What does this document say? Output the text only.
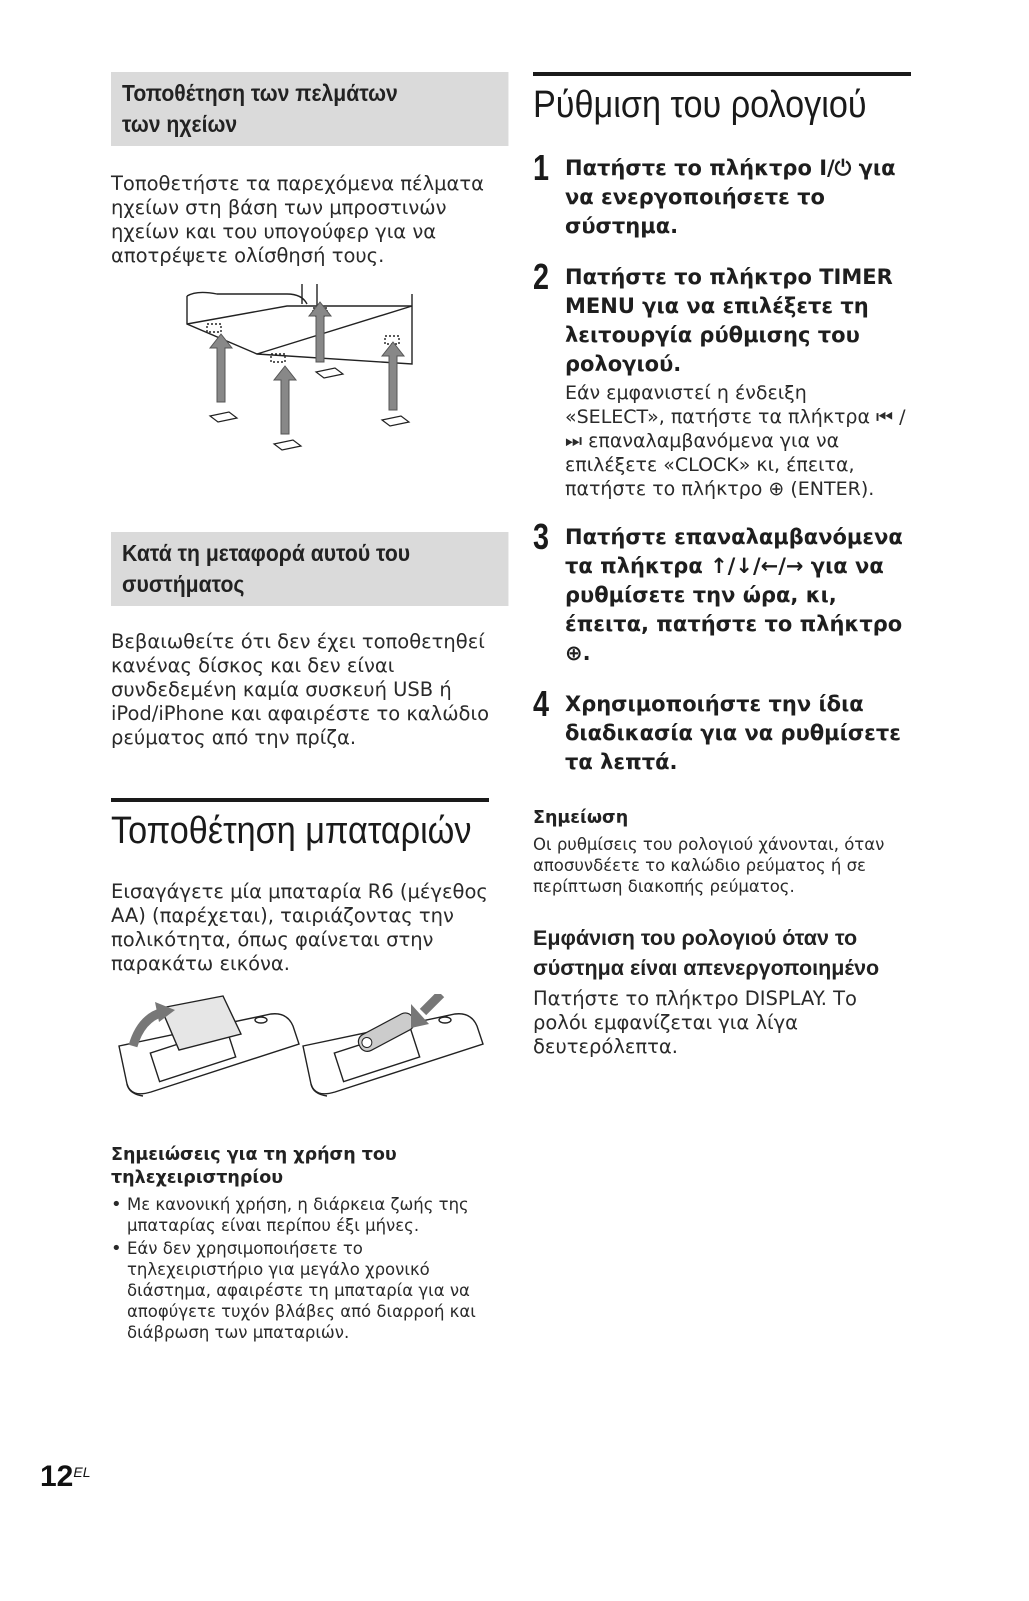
Τοποθέτηση των πελμάτων
των ηχείων

Τοποθετήστε τα παρεχόμενα πέλματα ηχείων στη βάση των μπροστινών ηχείων και του υπογούφερ για να αποτρέψετε ολίσθησή τους.

Κατά τη μεταφορά αυτού του
συστήματος

Βεβαιωθείτε ότι δεν έχει τοποθετηθεί κανένας δίσκος και δεν είναι συνδεδεμένη καμία συσκευή USB ή iPod/iPhone και αφαιρέστε το καλώδιο ρεύματος από την πρίζα.

Τοποθέτηση μπαταριών

Εισαγάγετε μία μπαταρία R6 (μέγεθος AA) (παρέχεται), ταιριάζοντας την πολικότητα, όπως φαίνεται στην παρακάτω εικόνα.

Σημειώσεις για τη χρήση του τηλεχειριστηρίου

• Με κανονική χρήση, η διάρκεια ζωής της μπαταρίας είναι περίπου έξι μήνες.

• Εάν δεν χρησιμοποιήσετε το τηλεχειριστήριο για μεγάλο χρονικό διάστημα, αφαιρέστε τη μπαταρία για να αποφύγετε τυχόν βλάβες από διαρροή και διάβρωση των μπαταριών.

Ρύθμιση του ρολογιού
1 Πατήστε το πλήκτρο I/⏻ για να ενεργοποιήσετε το σύστημα.
2 Πατήστε το πλήκτρο TIMER MENU για να επιλέξετε τη λειτουργία ρύθμισης του ρολογιού.

Εάν εμφανιστεί η ένδειξη «SELECT», πατήστε τα πλήκτρα ⏮ /⏭ επαναλαμβανόμενα για να επιλέξετε «CLOCK» κι, έπειτα, πατήστε το πλήκτρο ⊕ (ENTER).

3 Πατήστε επαναλαμβανόμενα τα πλήκτρα ↑/↓/←/→ για να ρυθμίσετε την ώρα, κι, έπειτα, πατήστε το πλήκτρο ⊕.
4 Χρησιμοποιήστε την ίδια διαδικασία για να ρυθμίσετε τα λεπτά.
Σημείωση

Οι ρυθμίσεις του ρολογιού χάνονται, όταν αποσυνδέετε το καλώδιο ρεύματος ή σε περίπτωση διακοπής ρεύματος.

Εμφάνιση του ρολογιού όταν το σύστημα είναι απενεργοποιημένο

Πατήστε το πλήκτρο DISPLAY. Το ρολόι εμφανίζεται για λίγα δευτερόλεπτα.

$12^{EL}$
